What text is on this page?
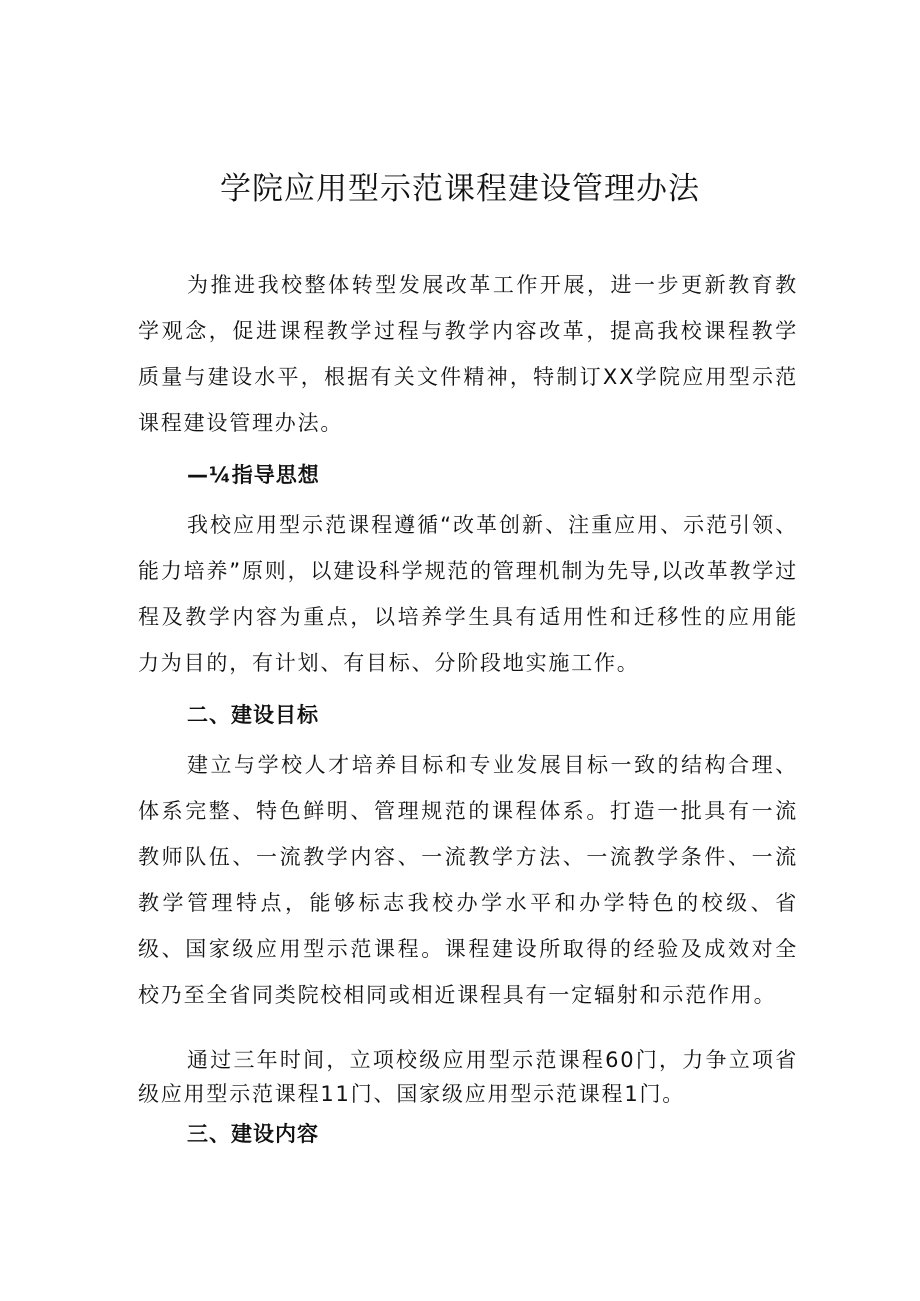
学院应用型示范课程建设管理办法

为推进我校整体转型发展改革工作开展，进一步更新教育教学观念，促进课程教学过程与教学内容改革，提高我校课程教学质量与建设水平，根据有关文件精神，特制订XX学院应用型示范课程建设管理办法。

—¼指导思想

我校应用型示范课程遵循“改革创新、注重应用、示范引领、能力培养”原则，以建设科学规范的管理机制为先导,以改革教学过程及教学内容为重点，以培养学生具有适用性和迁移性的应用能力为目的，有计划、有目标、分阶段地实施工作。

二、建设目标

建立与学校人才培养目标和专业发展目标一致的结构合理、体系完整、特色鲜明、管理规范的课程体系。打造一批具有一流教师队伍、一流教学内容、一流教学方法、一流教学条件、一流教学管理特点，能够标志我校办学水平和办学特色的校级、省级、国家级应用型示范课程。课程建设所取得的经验及成效对全校乃至全省同类院校相同或相近课程具有一定辐射和示范作用。

通过三年时间，立项校级应用型示范课程60门，力争立项省级应用型示范课程11门、国家级应用型示范课程1门。

三、建设内容
